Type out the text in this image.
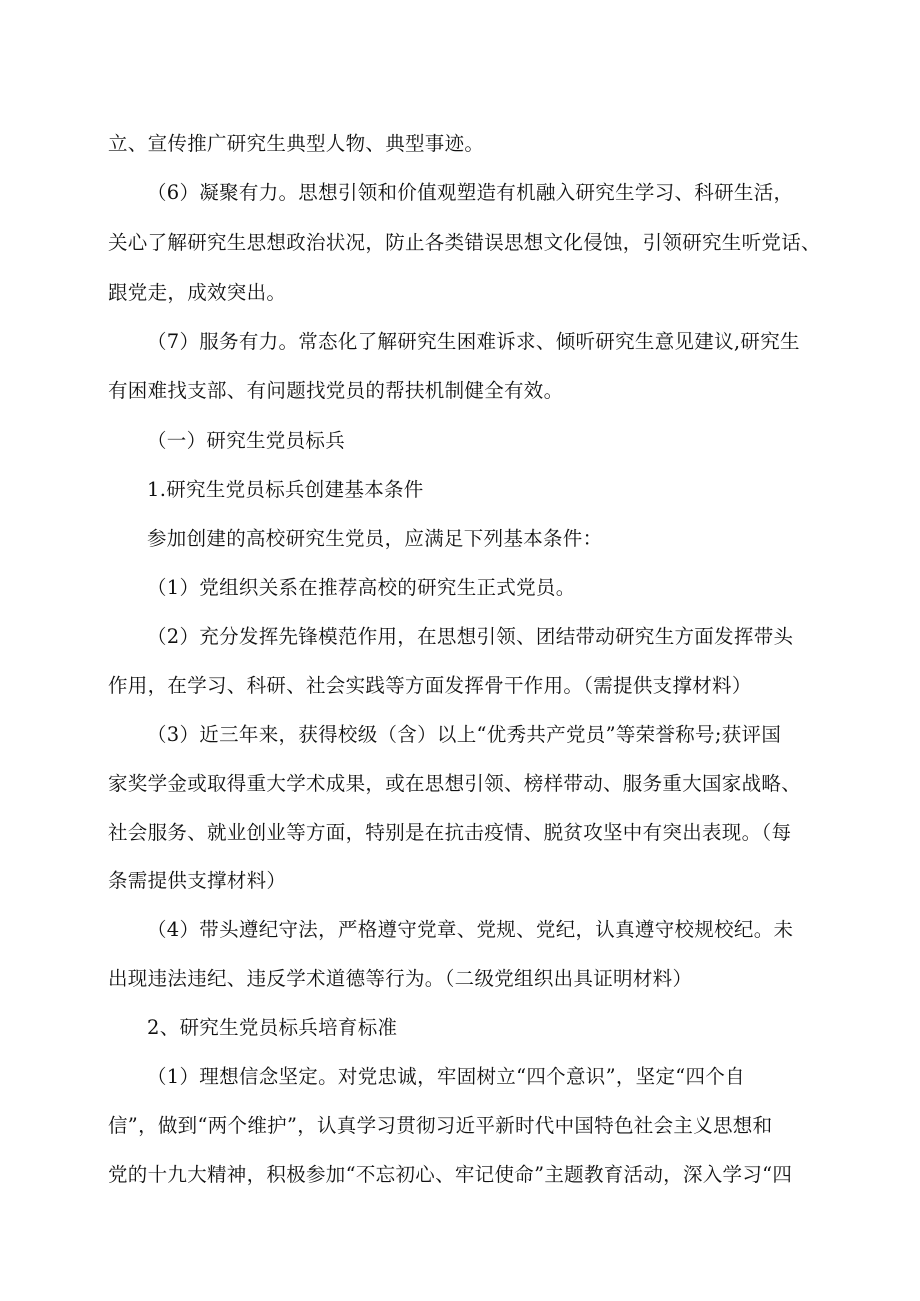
立、宣传推广研究生典型人物、典型事迹。
（6）凝聚有力。思想引领和价值观塑造有机融入研究生学习、科研生活，
关心了解研究生思想政治状况，防止各类错误思想文化侵蚀，引领研究生听党话、
跟党走，成效突出。
（7）服务有力。常态化了解研究生困难诉求、倾听研究生意见建议,研究生
有困难找支部、有问题找党员的帮扶机制健全有效。
（一）研究生党员标兵
1.研究生党员标兵创建基本条件
参加创建的高校研究生党员，应满足下列基本条件：
（1）党组织关系在推荐高校的研究生正式党员。
（2）充分发挥先锋模范作用，在思想引领、团结带动研究生方面发挥带头
作用，在学习、科研、社会实践等方面发挥骨干作用。（需提供支撑材料）
（3）近三年来，获得校级（含）以上“优秀共产党员”等荣誉称号;获评国
家奖学金或取得重大学术成果，或在思想引领、榜样带动、服务重大国家战略、
社会服务、就业创业等方面，特别是在抗击疫情、脱贫攻坚中有突出表现。（每
条需提供支撑材料）
（4）带头遵纪守法，严格遵守党章、党规、党纪，认真遵守校规校纪。未
出现违法违纪、违反学术道德等行为。（二级党组织出具证明材料）
2、研究生党员标兵培育标准
（1）理想信念坚定。对党忠诚，牢固树立“四个意识”，坚定“四个自
信”，做到“两个维护”，认真学习贯彻习近平新时代中国特色社会主义思想和
党的十九大精神，积极参加“不忘初心、牢记使命”主题教育活动，深入学习“四
